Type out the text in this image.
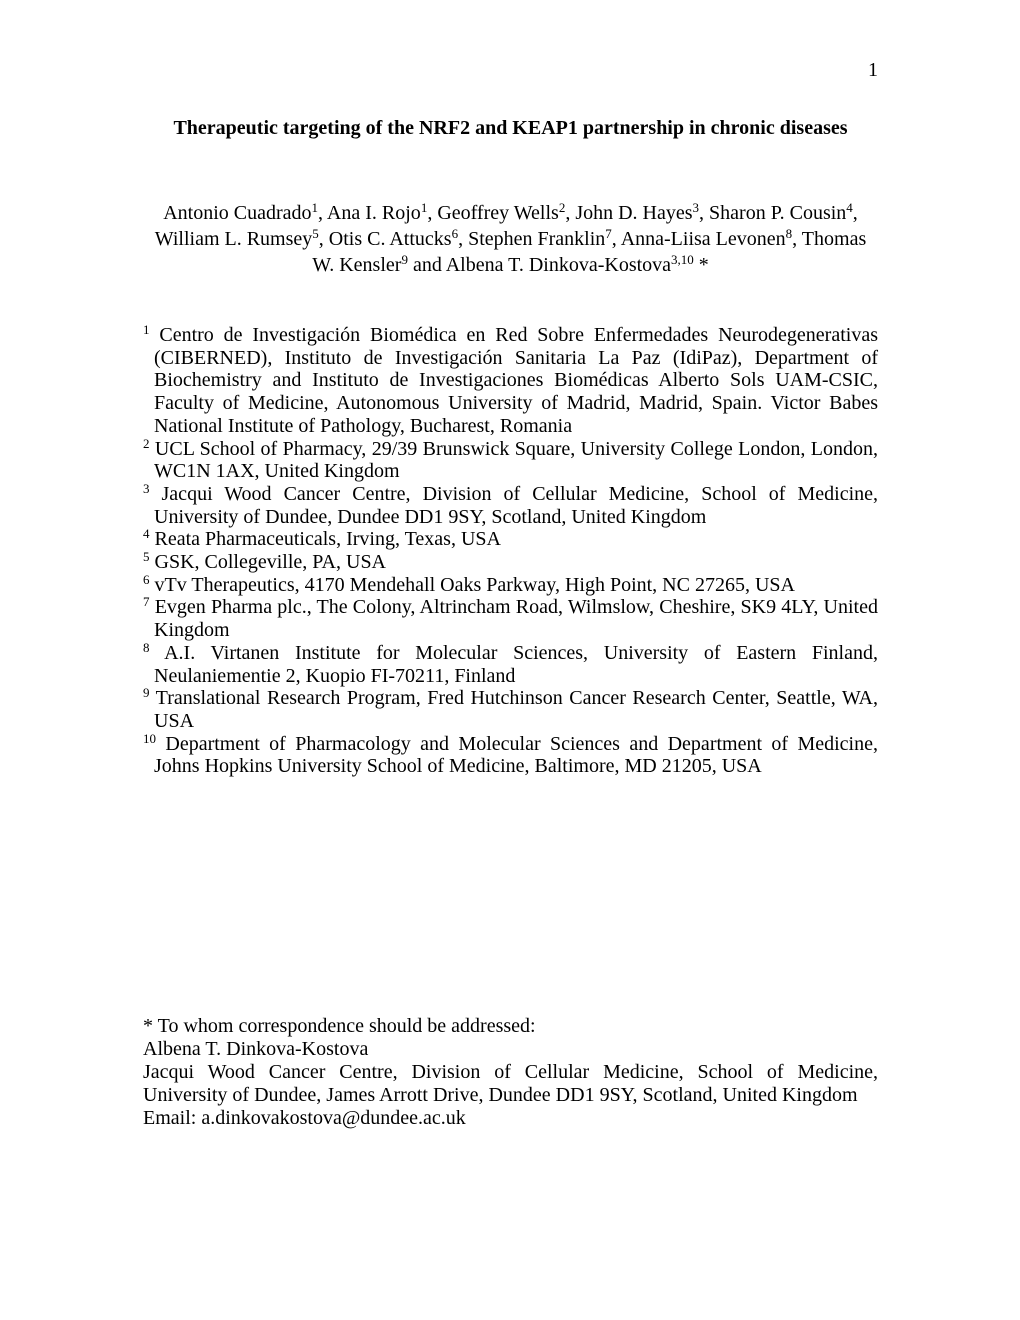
1
Therapeutic targeting of the NRF2 and KEAP1 partnership in chronic diseases
Antonio Cuadrado$^1$, Ana I. Rojo$^1$, Geoffrey Wells$^2$, John D. Hayes$^3$, Sharon P. Cousin$^4$, William L. Rumsey$^5$, Otis C. Attucks$^6$, Stephen Franklin$^7$, Anna-Liisa Levonen$^8$, Thomas W. Kensler$^9$ and Albena T. Dinkova-Kostova$^{3,10}$ *

$^1$ Centro de Investigación Biomédica en Red Sobre Enfermedades Neurodegenerativas (CIBERNED), Instituto de Investigación Sanitaria La Paz (IdiPaz), Department of Biochemistry and Instituto de Investigaciones Biomédicas Alberto Sols UAM-CSIC, Faculty of Medicine, Autonomous University of Madrid, Madrid, Spain. Victor Babes National Institute of Pathology, Bucharest, Romania

$^2$ UCL School of Pharmacy, 29/39 Brunswick Square, University College London, London, WC1N 1AX, United Kingdom

$^3$ Jacqui Wood Cancer Centre, Division of Cellular Medicine, School of Medicine, University of Dundee, Dundee DD1 9SY, Scotland, United Kingdom

$^4$ Reata Pharmaceuticals, Irving, Texas, USA

$^5$ GSK, Collegeville, PA, USA

$^6$ vTv Therapeutics, 4170 Mendehall Oaks Parkway, High Point, NC 27265, USA

$^7$ Evgen Pharma plc., The Colony, Altrincham Road, Wilmslow, Cheshire, SK9 4LY, United Kingdom

$^8$ A.I. Virtanen Institute for Molecular Sciences, University of Eastern Finland, Neulaniementie 2, Kuopio FI-70211, Finland

$^9$ Translational Research Program, Fred Hutchinson Cancer Research Center, Seattle, WA, USA

$^{10}$ Department of Pharmacology and Molecular Sciences and Department of Medicine, Johns Hopkins University School of Medicine, Baltimore, MD 21205, USA

* To whom correspondence should be addressed:

Albena T. Dinkova-Kostova

Jacqui Wood Cancer Centre, Division of Cellular Medicine, School of Medicine, University of Dundee, James Arrott Drive, Dundee DD1 9SY, Scotland, United Kingdom

Email: a.dinkovakostova@dundee.ac.uk
